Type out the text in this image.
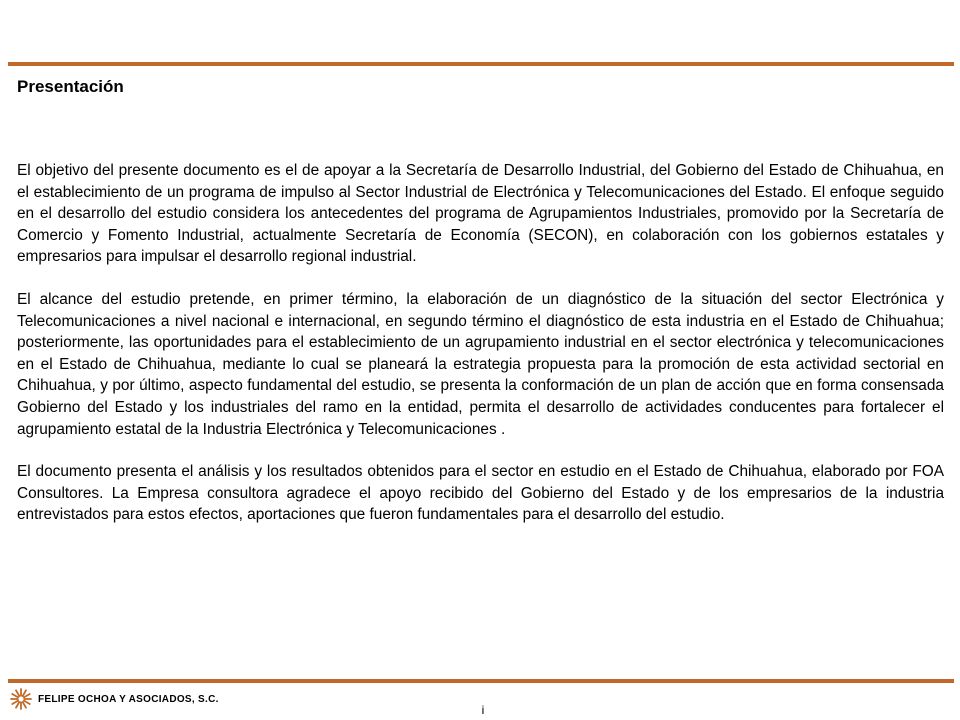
Presentación

El objetivo del presente documento es el de apoyar a la Secretaría de Desarrollo Industrial, del Gobierno del Estado de Chihuahua, en el establecimiento de un programa de impulso al Sector Industrial de Electrónica y Telecomunicaciones del Estado. El enfoque seguido en el desarrollo del estudio considera los antecedentes del programa de Agrupamientos Industriales, promovido por la Secretaría de Comercio y Fomento Industrial, actualmente Secretaría de Economía (SECON), en colaboración con los gobiernos estatales y empresarios para impulsar el desarrollo regional industrial.

El alcance del estudio pretende, en primer término, la elaboración de un diagnóstico de la situación del sector Electrónica y Telecomunicaciones a nivel nacional e internacional, en segundo término el diagnóstico de esta industria en el Estado de Chihuahua; posteriormente, las oportunidades para el establecimiento de un agrupamiento industrial en el sector electrónica y telecomunicaciones en el Estado de Chihuahua, mediante lo cual se planeará la estrategia propuesta para la promoción de esta actividad sectorial en Chihuahua, y por último, aspecto fundamental del estudio, se presenta la conformación de un plan de acción que en forma consensada Gobierno del Estado y los industriales del ramo en la entidad, permita el desarrollo de actividades conducentes para fortalecer el agrupamiento estatal de la Industria Electrónica y Telecomunicaciones .

El documento presenta el análisis y los resultados obtenidos para el sector en estudio en el Estado de Chihuahua, elaborado por FOA Consultores. La Empresa consultora agradece el apoyo recibido del Gobierno del Estado y de los empresarios de la industria entrevistados para estos efectos, aportaciones que fueron fundamentales para el desarrollo del estudio.

FELIPE OCHOA Y ASOCIADOS, S.C.
i
